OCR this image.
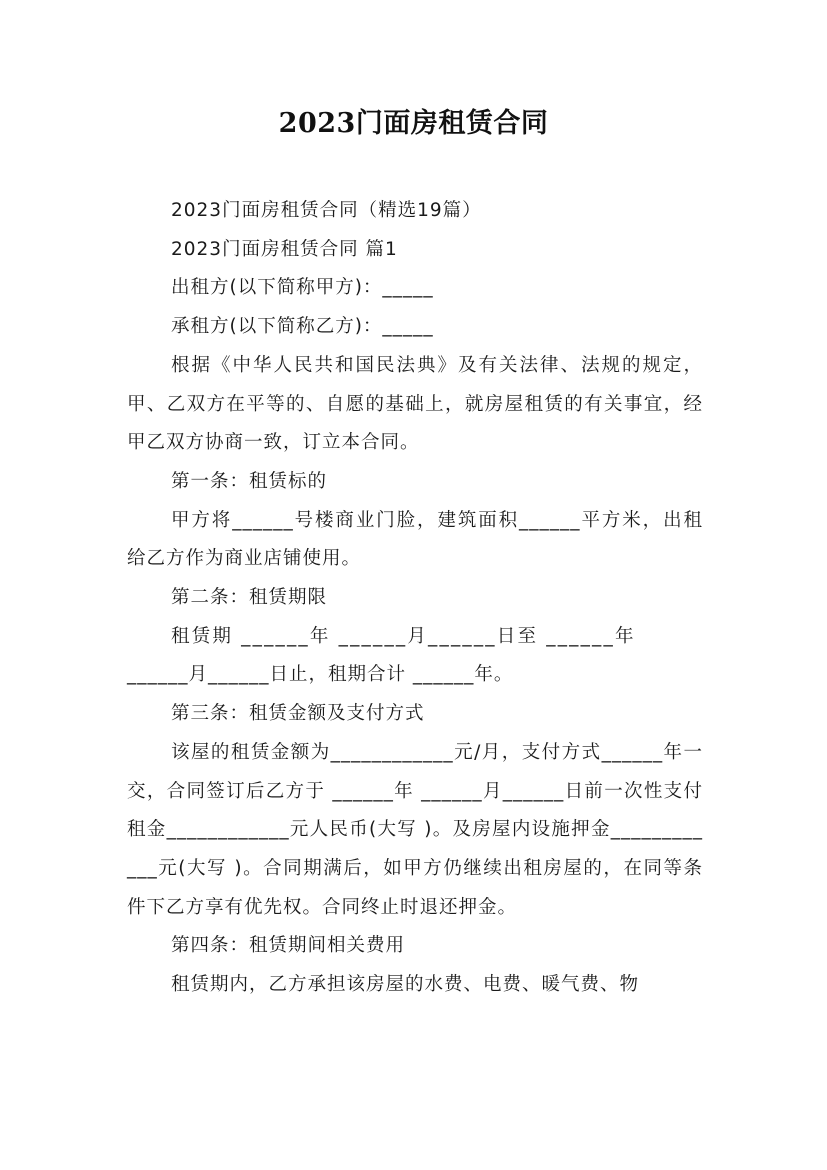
2023门面房租赁合同

2023门面房租赁合同（精选19篇）

2023门面房租赁合同 篇1

出租方(以下简称甲方)：_____

承租方(以下简称乙方)：_____

根据《中华人民共和国民法典》及有关法律、法规的规定，甲、乙双方在平等的、自愿的基础上，就房屋租赁的有关事宜，经甲乙双方协商一致，订立本合同。

第一条：租赁标的

甲方将______号楼商业门脸，建筑面积______平方米，出租给乙方作为商业店铺使用。

第二条：租赁期限

租赁期 ______年 ______月______日至 ______年
______月______日止，租期合计 ______年。

第三条：租赁金额及支付方式

该屋的租赁金额为____________元/月，支付方式______年一交，合同签订后乙方于 ______年 ______月______日前一次性支付租金____________元人民币(大写 )。及房屋内设施押金____________元(大写 )。合同期满后，如甲方仍继续出租房屋的，在同等条件下乙方享有优先权。合同终止时退还押金。

第四条：租赁期间相关费用

租赁期内，乙方承担该房屋的水费、电费、暖气费、物
